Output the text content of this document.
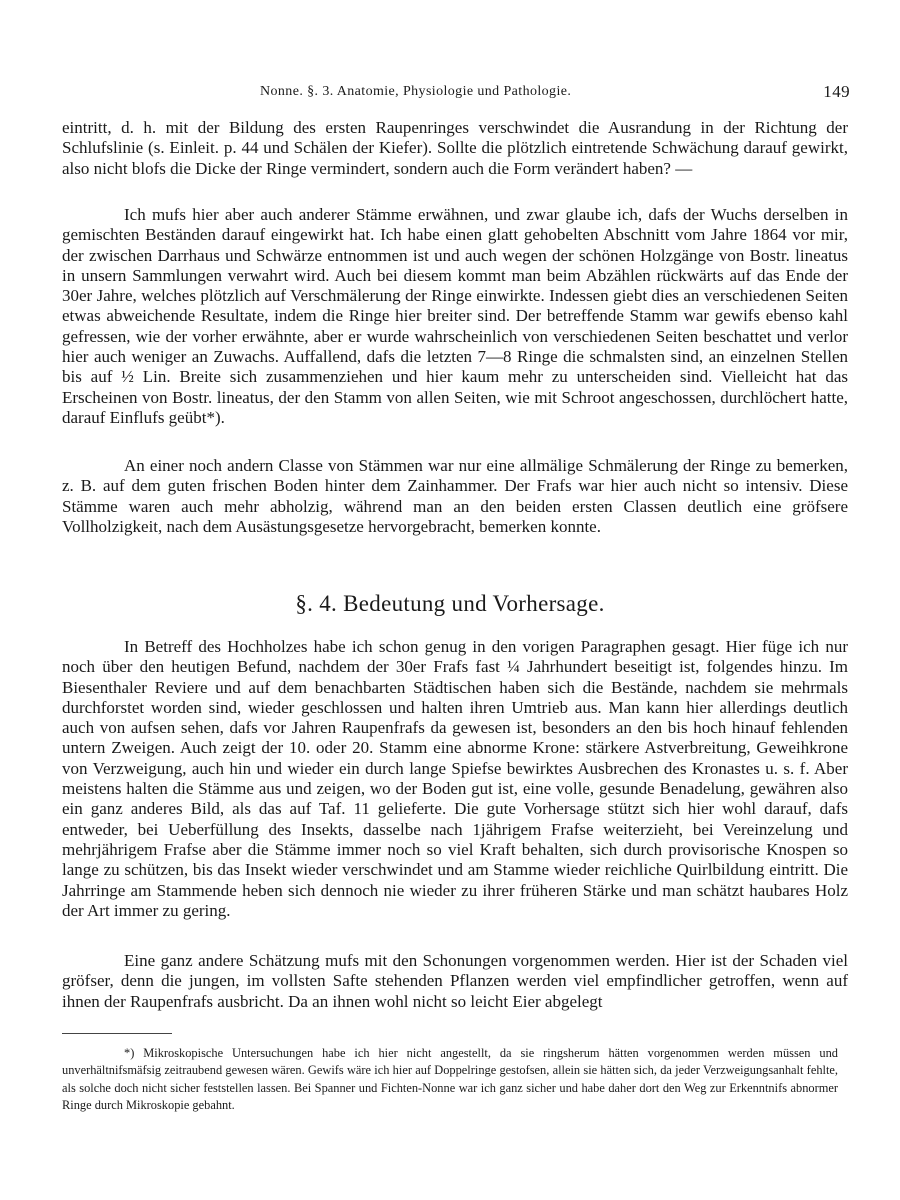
Nonne. §. 3. Anatomie, Physiologie und Pathologie.	149

eintritt, d. h. mit der Bildung des ersten Raupenringes verschwindet die Ausrandung in der Richtung der Schlufslinie (s. Einleit. p. 44 und Schälen der Kiefer). Sollte die plötzlich eintretende Schwächung darauf gewirkt, also nicht blofs die Dicke der Ringe vermindert, sondern auch die Form verändert haben? —

Ich mufs hier aber auch anderer Stämme erwähnen, und zwar glaube ich, dafs der Wuchs derselben in gemischten Beständen darauf eingewirkt hat. Ich habe einen glatt gehobelten Abschnitt vom Jahre 1864 vor mir, der zwischen Darrhaus und Schwärze entnommen ist und auch wegen der schönen Holzgänge von Bostr. lineatus in unsern Sammlungen verwahrt wird. Auch bei diesem kommt man beim Abzählen rückwärts auf das Ende der 30er Jahre, welches plötzlich auf Verschmälerung der Ringe einwirkte. Indessen giebt dies an verschiedenen Seiten etwas abweichende Resultate, indem die Ringe hier breiter sind. Der betreffende Stamm war gewifs ebenso kahl gefressen, wie der vorher erwähnte, aber er wurde wahrscheinlich von verschiedenen Seiten beschattet und verlor hier auch weniger an Zuwachs. Auffallend, dafs die letzten 7—8 Ringe die schmalsten sind, an einzelnen Stellen bis auf ½ Lin. Breite sich zusammenziehen und hier kaum mehr zu unterscheiden sind. Vielleicht hat das Erscheinen von Bostr. lineatus, der den Stamm von allen Seiten, wie mit Schroot angeschossen, durchlöchert hatte, darauf Einflufs geübt*).

An einer noch andern Classe von Stämmen war nur eine allmälige Schmälerung der Ringe zu bemerken, z. B. auf dem guten frischen Boden hinter dem Zainhammer. Der Frafs war hier auch nicht so intensiv. Diese Stämme waren auch mehr abholzig, während man an den beiden ersten Classen deutlich eine gröfsere Vollholzigkeit, nach dem Ausästungsgesetze hervorgebracht, bemerken konnte.

§. 4. Bedeutung und Vorhersage.

In Betreff des Hochholzes habe ich schon genug in den vorigen Paragraphen gesagt. Hier füge ich nur noch über den heutigen Befund, nachdem der 30er Frafs fast ¼ Jahrhundert beseitigt ist, folgendes hinzu. Im Biesenthaler Reviere und auf dem benachbarten Städtischen haben sich die Bestände, nachdem sie mehrmals durchforstet worden sind, wieder geschlossen und halten ihren Umtrieb aus. Man kann hier allerdings deutlich auch von aufsen sehen, dafs vor Jahren Raupenfrafs da gewesen ist, besonders an den bis hoch hinauf fehlenden untern Zweigen. Auch zeigt der 10. oder 20. Stamm eine abnorme Krone: stärkere Astverbreitung, Geweihkrone von Verzweigung, auch hin und wieder ein durch lange Spiefse bewirktes Ausbrechen des Kronastes u. s. f. Aber meistens halten die Stämme aus und zeigen, wo der Boden gut ist, eine volle, gesunde Benadelung, gewähren also ein ganz anderes Bild, als das auf Taf. 11 gelieferte. Die gute Vorhersage stützt sich hier wohl darauf, dafs entweder, bei Ueberfüllung des Insekts, dasselbe nach 1jährigem Frafse weiterzieht, bei Vereinzelung und mehrjährigem Frafse aber die Stämme immer noch so viel Kraft behalten, sich durch provisorische Knospen so lange zu schützen, bis das Insekt wieder verschwindet und am Stamme wieder reichliche Quirlbildung eintritt. Die Jahrringe am Stammende heben sich dennoch nie wieder zu ihrer früheren Stärke und man schätzt haubares Holz der Art immer zu gering.

Eine ganz andere Schätzung mufs mit den Schonungen vorgenommen werden. Hier ist der Schaden viel gröfser, denn die jungen, im vollsten Safte stehenden Pflanzen werden viel empfindlicher getroffen, wenn auf ihnen der Raupenfrafs ausbricht. Da an ihnen wohl nicht so leicht Eier abgelegt

*) Mikroskopische Untersuchungen habe ich hier nicht angestellt, da sie ringsherum hätten vorgenommen werden müssen und unverhältnifsmäfsig zeitraubend gewesen wären. Gewifs wäre ich hier auf Doppelringe gestofsen, allein sie hätten sich, da jeder Verzweigungsanhalt fehlte, als solche doch nicht sicher feststellen lassen. Bei Spanner und Fichten-Nonne war ich ganz sicher und habe daher dort den Weg zur Erkenntnifs abnormer Ringe durch Mikroskopie gebahnt.
